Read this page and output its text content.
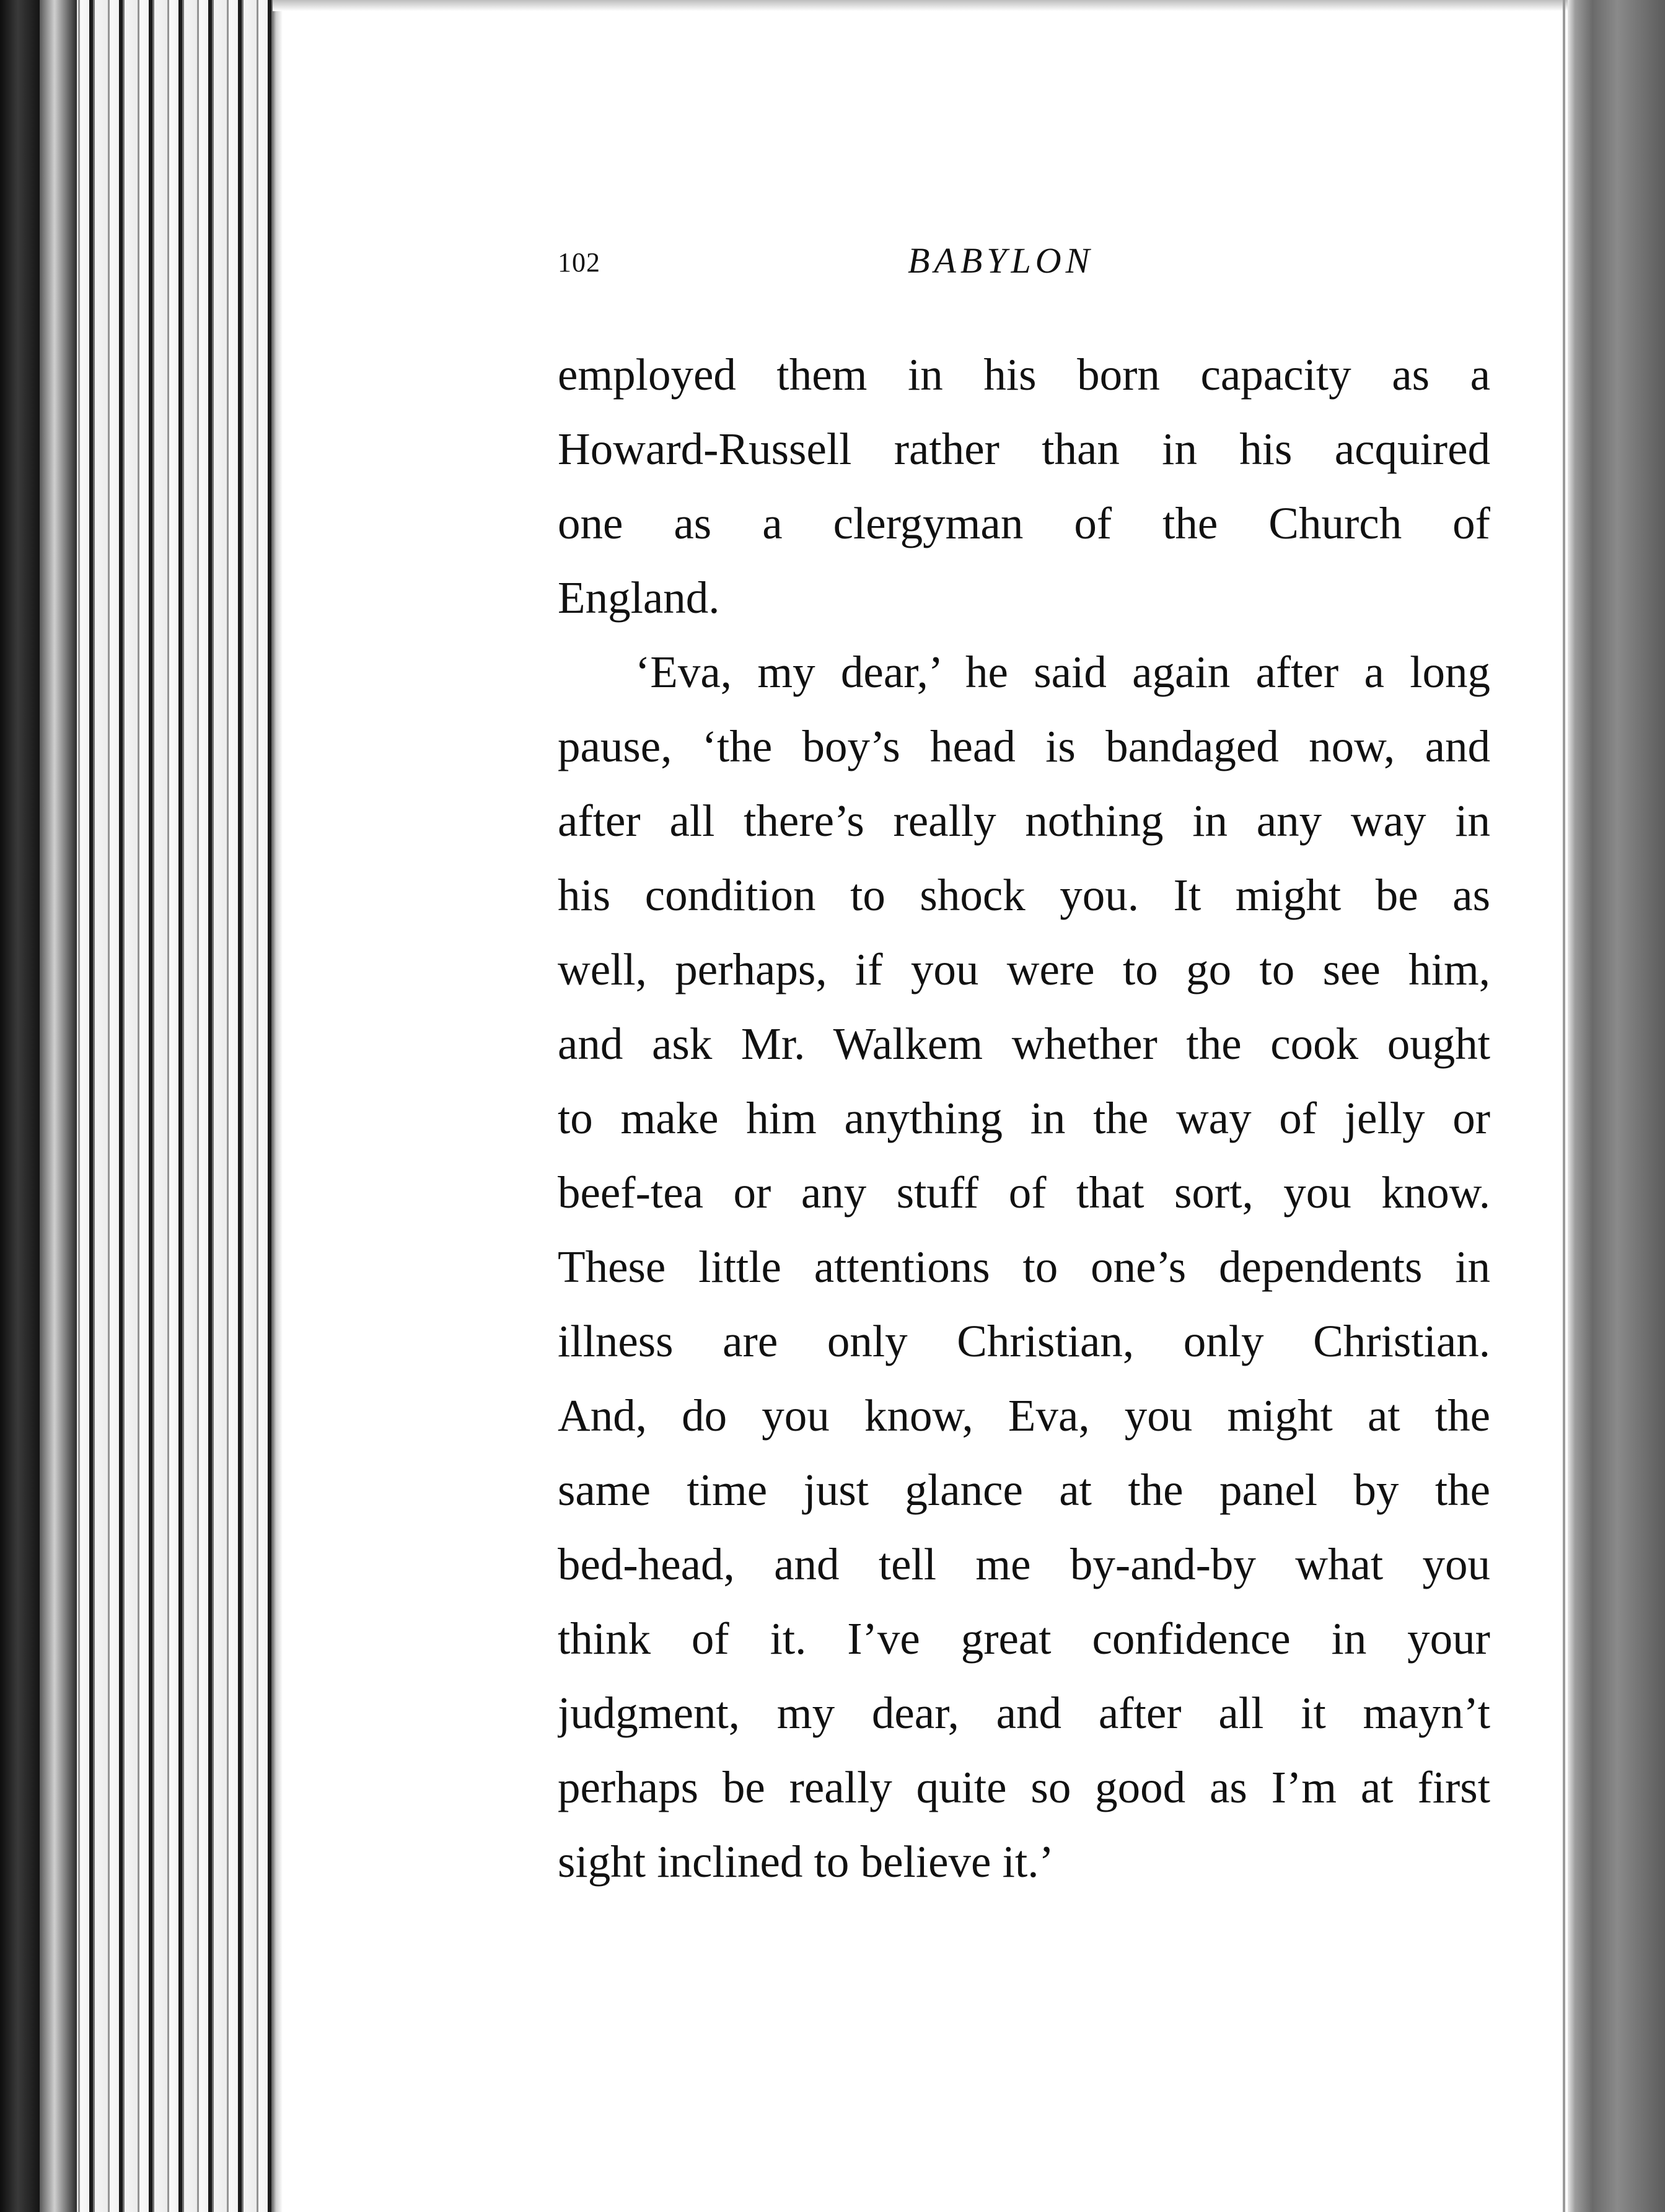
102	BABYLON
employed them in his born capacity as a
Howard-Russell rather than in his acquired
one as a clergyman of the Church of
England.
‘Eva, my dear,’ he said again after a long
pause, ‘the boy’s head is bandaged now, and
after all there’s really nothing in any way in
his condition to shock you. It might be as
well, perhaps, if you were to go to see him,
and ask Mr. Walkem whether the cook ought
to make him anything in the way of jelly or
beef-tea or any stuff of that sort, you know.
These little attentions to one’s dependents in
illness are only Christian, only Christian.
And, do you know, Eva, you might at the
same time just glance at the panel by the
bed-head, and tell me by-and-by what you
think of it. I’ve great confidence in your
judgment, my dear, and after all it mayn’t
perhaps be really quite so good as I’m at first
sight inclined to believe it.’
